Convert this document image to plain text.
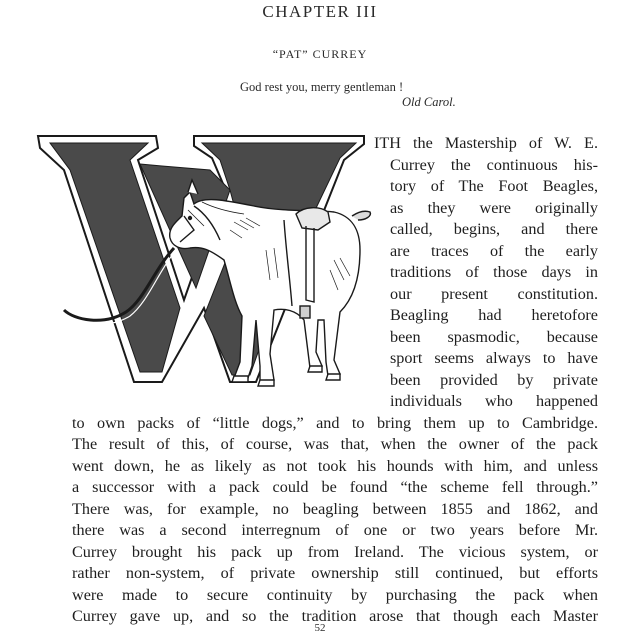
CHAPTER III
“PAT” CURREY
God rest you, merry gentleman !
Old Carol.
ITH the Mastership of W. E.
Currey the continuous his-
tory of The Foot Beagles,
as they were originally
called, begins, and there
are traces of the early
traditions of those days in
our present constitution.
Beagling had heretofore
been spasmodic, because
sport seems always to have
been provided by private
individuals who happened
to own packs of “little dogs,” and to bring them up to Cambridge.
The result of this, of course, was that, when the owner of the pack
went down, he as likely as not took his hounds with him, and unless
a successor with a pack could be found “the scheme fell through.”
There was, for example, no beagling between 1855 and 1862, and
there was a second interregnum of one or two years before Mr.
Currey brought his pack up from Ireland. The vicious system, or
rather non-system, of private ownership still continued, but efforts
were made to secure continuity by purchasing the pack when
Currey gave up, and so the tradition arose that though each Master
52
